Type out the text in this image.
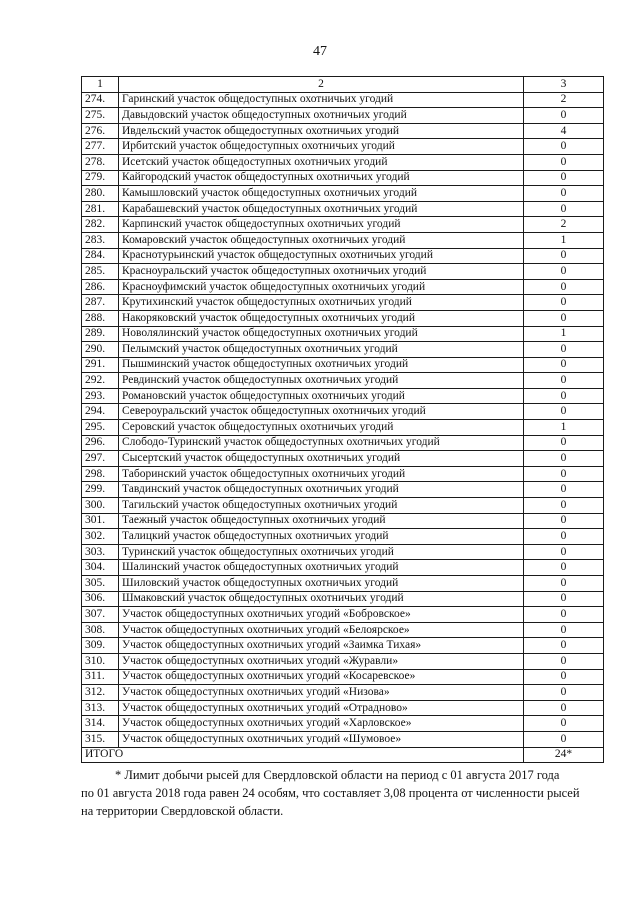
47
1	2	3
274.	Гаринский участок общедоступных охотничьих угодий	2
275.	Давыдовский участок общедоступных охотничьих угодий	0
276.	Ивдельский участок общедоступных охотничьих угодий	4
277.	Ирбитский участок общедоступных охотничьих угодий	0
278.	Исетский участок общедоступных охотничьих угодий	0
279.	Кайгородский участок общедоступных охотничьих угодий	0
280.	Камышловский участок общедоступных охотничьих угодий	0
281.	Карабашевский участок общедоступных охотничьих угодий	0
282.	Карпинский участок общедоступных охотничьих угодий	2
283.	Комаровский участок общедоступных охотничьих угодий	1
284.	Краснотурьинский участок общедоступных охотничьих угодий	0
285.	Красноуральский участок общедоступных охотничьих угодий	0
286.	Красноуфимский участок общедоступных охотничьих угодий	0
287.	Крутихинский участок общедоступных охотничьих угодий	0
288.	Накоряковский участок общедоступных охотничьих угодий	0
289.	Новолялинский участок общедоступных охотничьих угодий	1
290.	Пелымский участок общедоступных охотничьих угодий	0
291.	Пышминский участок общедоступных охотничьих угодий	0
292.	Ревдинский участок общедоступных охотничьих угодий	0
293.	Романовский участок общедоступных охотничьих угодий	0
294.	Североуральский участок общедоступных охотничьих угодий	0
295.	Серовский участок общедоступных охотничьих угодий	1
296.	Слободо-Туринский участок общедоступных охотничьих угодий	0
297.	Сысертский участок общедоступных охотничьих угодий	0
298.	Таборинский участок общедоступных охотничьих угодий	0
299.	Тавдинский участок общедоступных охотничьих угодий	0
300.	Тагильский участок общедоступных охотничьих угодий	0
301.	Таежный участок общедоступных охотничьих угодий	0
302.	Талицкий участок общедоступных охотничьих угодий	0
303.	Туринский участок общедоступных охотничьих угодий	0
304.	Шалинский участок общедоступных охотничьих угодий	0
305.	Шиловский участок общедоступных охотничьих угодий	0
306.	Шмаковский участок общедоступных охотничьих угодий	0
307.	Участок общедоступных охотничьих угодий «Бобровское»	0
308.	Участок общедоступных охотничьих угодий «Белоярское»	0
309.	Участок общедоступных охотничьих угодий «Заимка Тихая»	0
310.	Участок общедоступных охотничьих угодий «Журавли»	0
311.	Участок общедоступных охотничьих угодий «Косаревское»	0
312.	Участок общедоступных охотничьих угодий «Низова»	0
313.	Участок общедоступных охотничьих угодий «Отрадново»	0
314.	Участок общедоступных охотничьих угодий «Харловское»	0
315.	Участок общедоступных охотничьих угодий «Шумовое»	0
ИТОГО		24*
* Лимит добычи рысей для Свердловской области на период с 01 августа 2017 года
по 01 августа 2018 года равен 24 особям, что составляет 3,08 процента от численности рысей
на территории Свердловской области.
